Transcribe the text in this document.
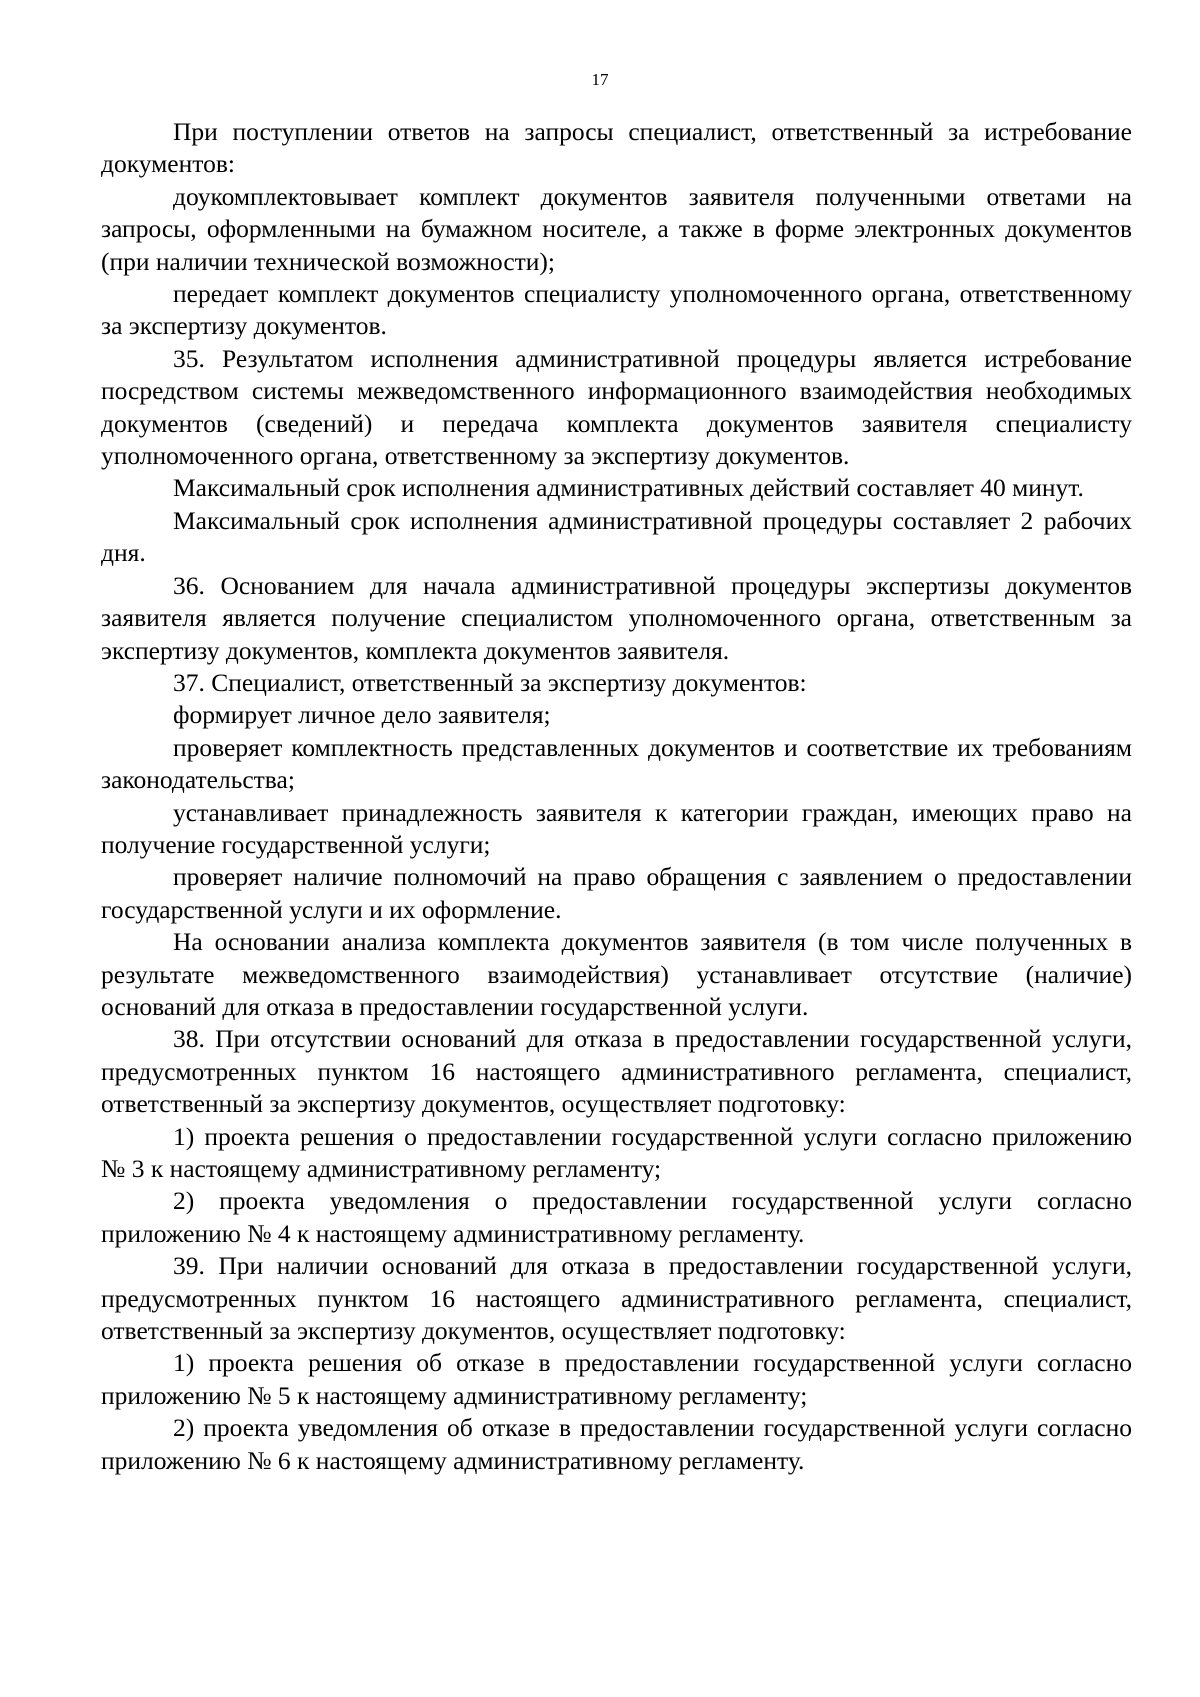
17

При поступлении ответов на запросы специалист, ответственный за истребование документов:

доукомплектовывает комплект документов заявителя полученными ответами на запросы, оформленными на бумажном носителе, а также в форме электронных документов (при наличии технической возможности);

передает комплект документов специалисту уполномоченного органа, ответственному за экспертизу документов.

35. Результатом исполнения административной процедуры является истребование посредством системы межведомственного информационного взаимодействия необходимых документов (сведений) и передача комплекта документов заявителя специалисту уполномоченного органа, ответственному за экспертизу документов.

Максимальный срок исполнения административных действий составляет 40 минут.

Максимальный срок исполнения административной процедуры составляет 2 рабочих дня.

36. Основанием для начала административной процедуры экспертизы документов заявителя является получение специалистом уполномоченного органа, ответственным за экспертизу документов, комплекта документов заявителя.

37. Специалист, ответственный за экспертизу документов:

формирует личное дело заявителя;

проверяет комплектность представленных документов и соответствие их требованиям законодательства;

устанавливает принадлежность заявителя к категории граждан, имеющих право на получение государственной услуги;

проверяет наличие полномочий на право обращения с заявлением о предоставлении государственной услуги и их оформление.

На основании анализа комплекта документов заявителя (в том числе полученных в результате межведомственного взаимодействия) устанавливает отсутствие (наличие) оснований для отказа в предоставлении государственной услуги.

38. При отсутствии оснований для отказа в предоставлении государственной услуги, предусмотренных пунктом 16 настоящего административного регламента, специалист, ответственный за экспертизу документов, осуществляет подготовку:

1) проекта решения о предоставлении государственной услуги согласно приложению № 3 к настоящему административному регламенту;

2) проекта уведомления о предоставлении государственной услуги согласно приложению № 4 к настоящему административному регламенту.

39. При наличии оснований для отказа в предоставлении государственной услуги, предусмотренных пунктом 16 настоящего административного регламента, специалист, ответственный за экспертизу документов, осуществляет подготовку:

1) проекта решения об отказе в предоставлении государственной услуги согласно приложению № 5 к настоящему административному регламенту;

2) проекта уведомления об отказе в предоставлении государственной услуги согласно приложению № 6 к настоящему административному регламенту.
